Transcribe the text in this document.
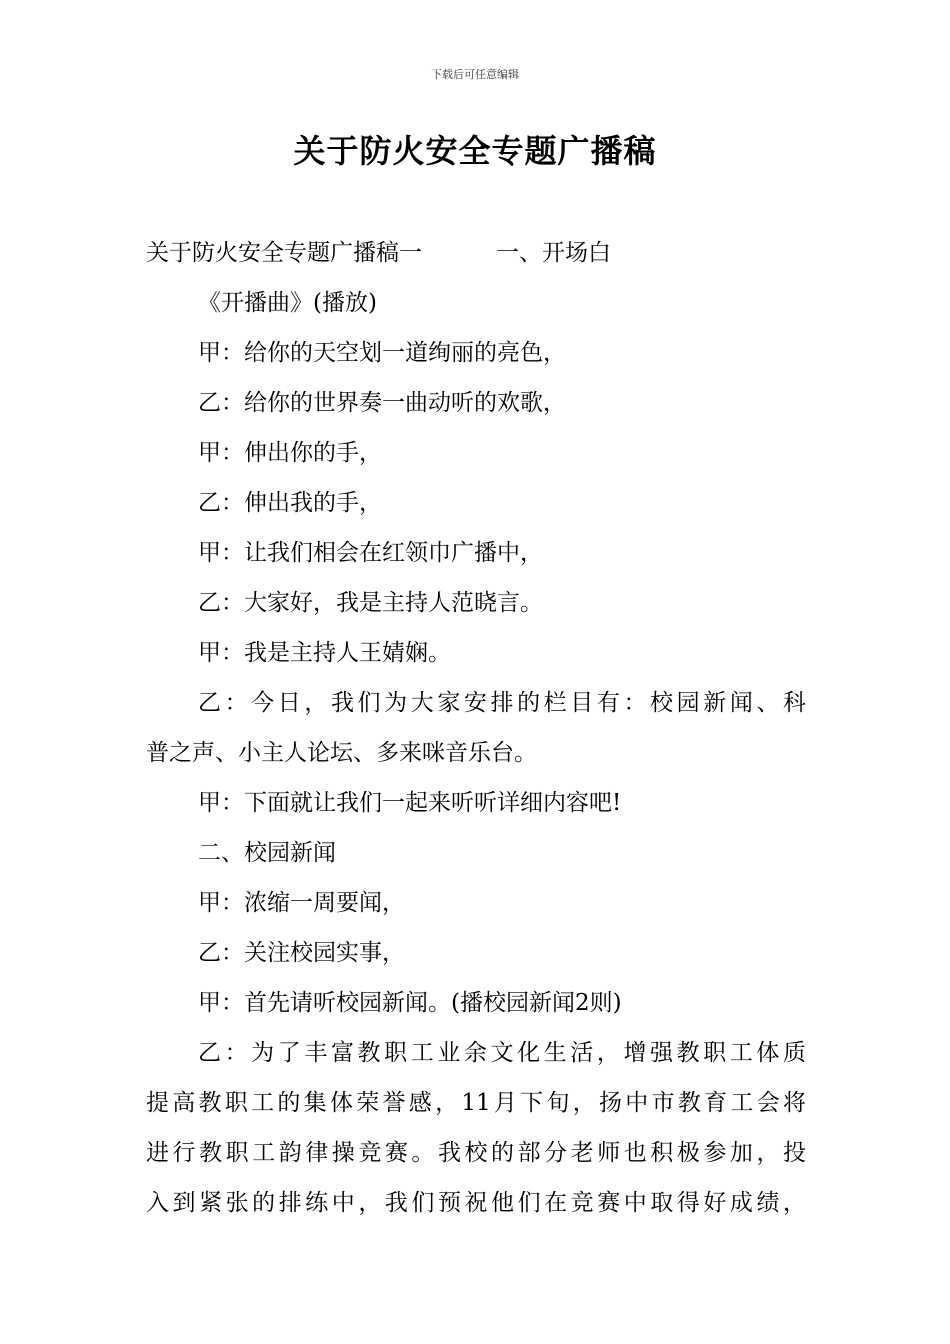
下载后可任意编辑
关于防火安全专题广播稿
关于防火安全专题广播稿一	一、开场白
《开播曲》(播放)
甲：给你的天空划一道绚丽的亮色，
乙：给你的世界奏一曲动听的欢歌，
甲：伸出你的手，
乙：伸出我的手，
甲：让我们相会在红领巾广播中，
乙：大家好，我是主持人范晓言。
甲：我是主持人王婧娴。
乙：今日，我们为大家安排的栏目有：校园新闻、科
普之声、小主人论坛、多来咪音乐台。
甲：下面就让我们一起来听听详细内容吧!
二、校园新闻
甲：浓缩一周要闻，
乙：关注校园实事，
甲：首先请听校园新闻。(播校园新闻2则)
乙：为了丰富教职工业余文化生活，增强教职工体质
提高教职工的集体荣誉感，11月下旬，扬中市教育工会将
进行教职工韵律操竞赛。我校的部分老师也积极参加，投
入到紧张的排练中，我们预祝他们在竞赛中取得好成绩，
